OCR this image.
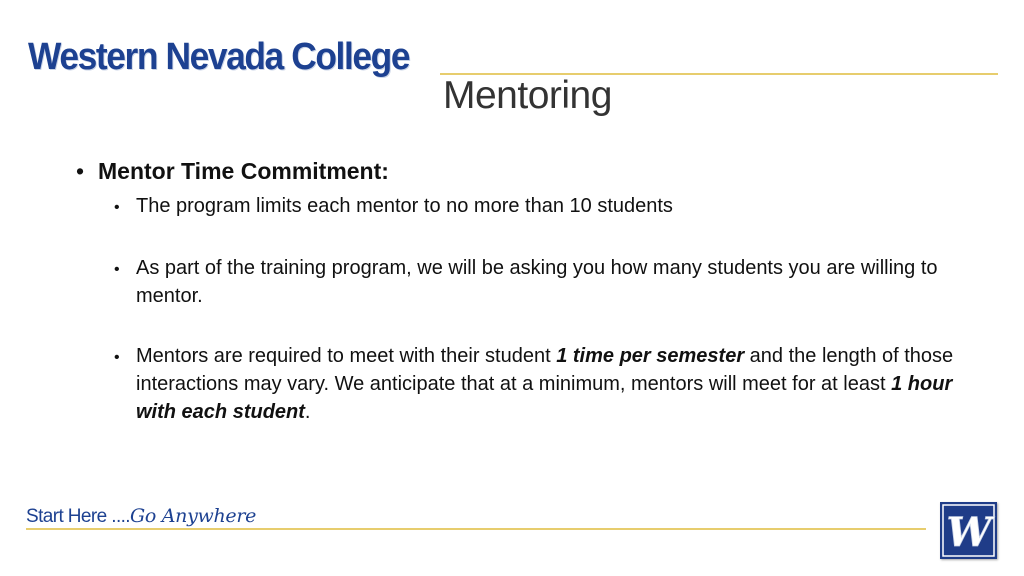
Western Nevada College
Mentoring
• Mentor Time Commitment:
• The program limits each mentor to no more than 10 students
• As part of the training program, we will be asking you how many students you are willing to mentor.
• Mentors are required to meet with their student 1 time per semester and the length of those interactions may vary. We anticipate that at a minimum, mentors will meet for at least 1 hour with each student.
Start Here ....Go Anywhere	W
